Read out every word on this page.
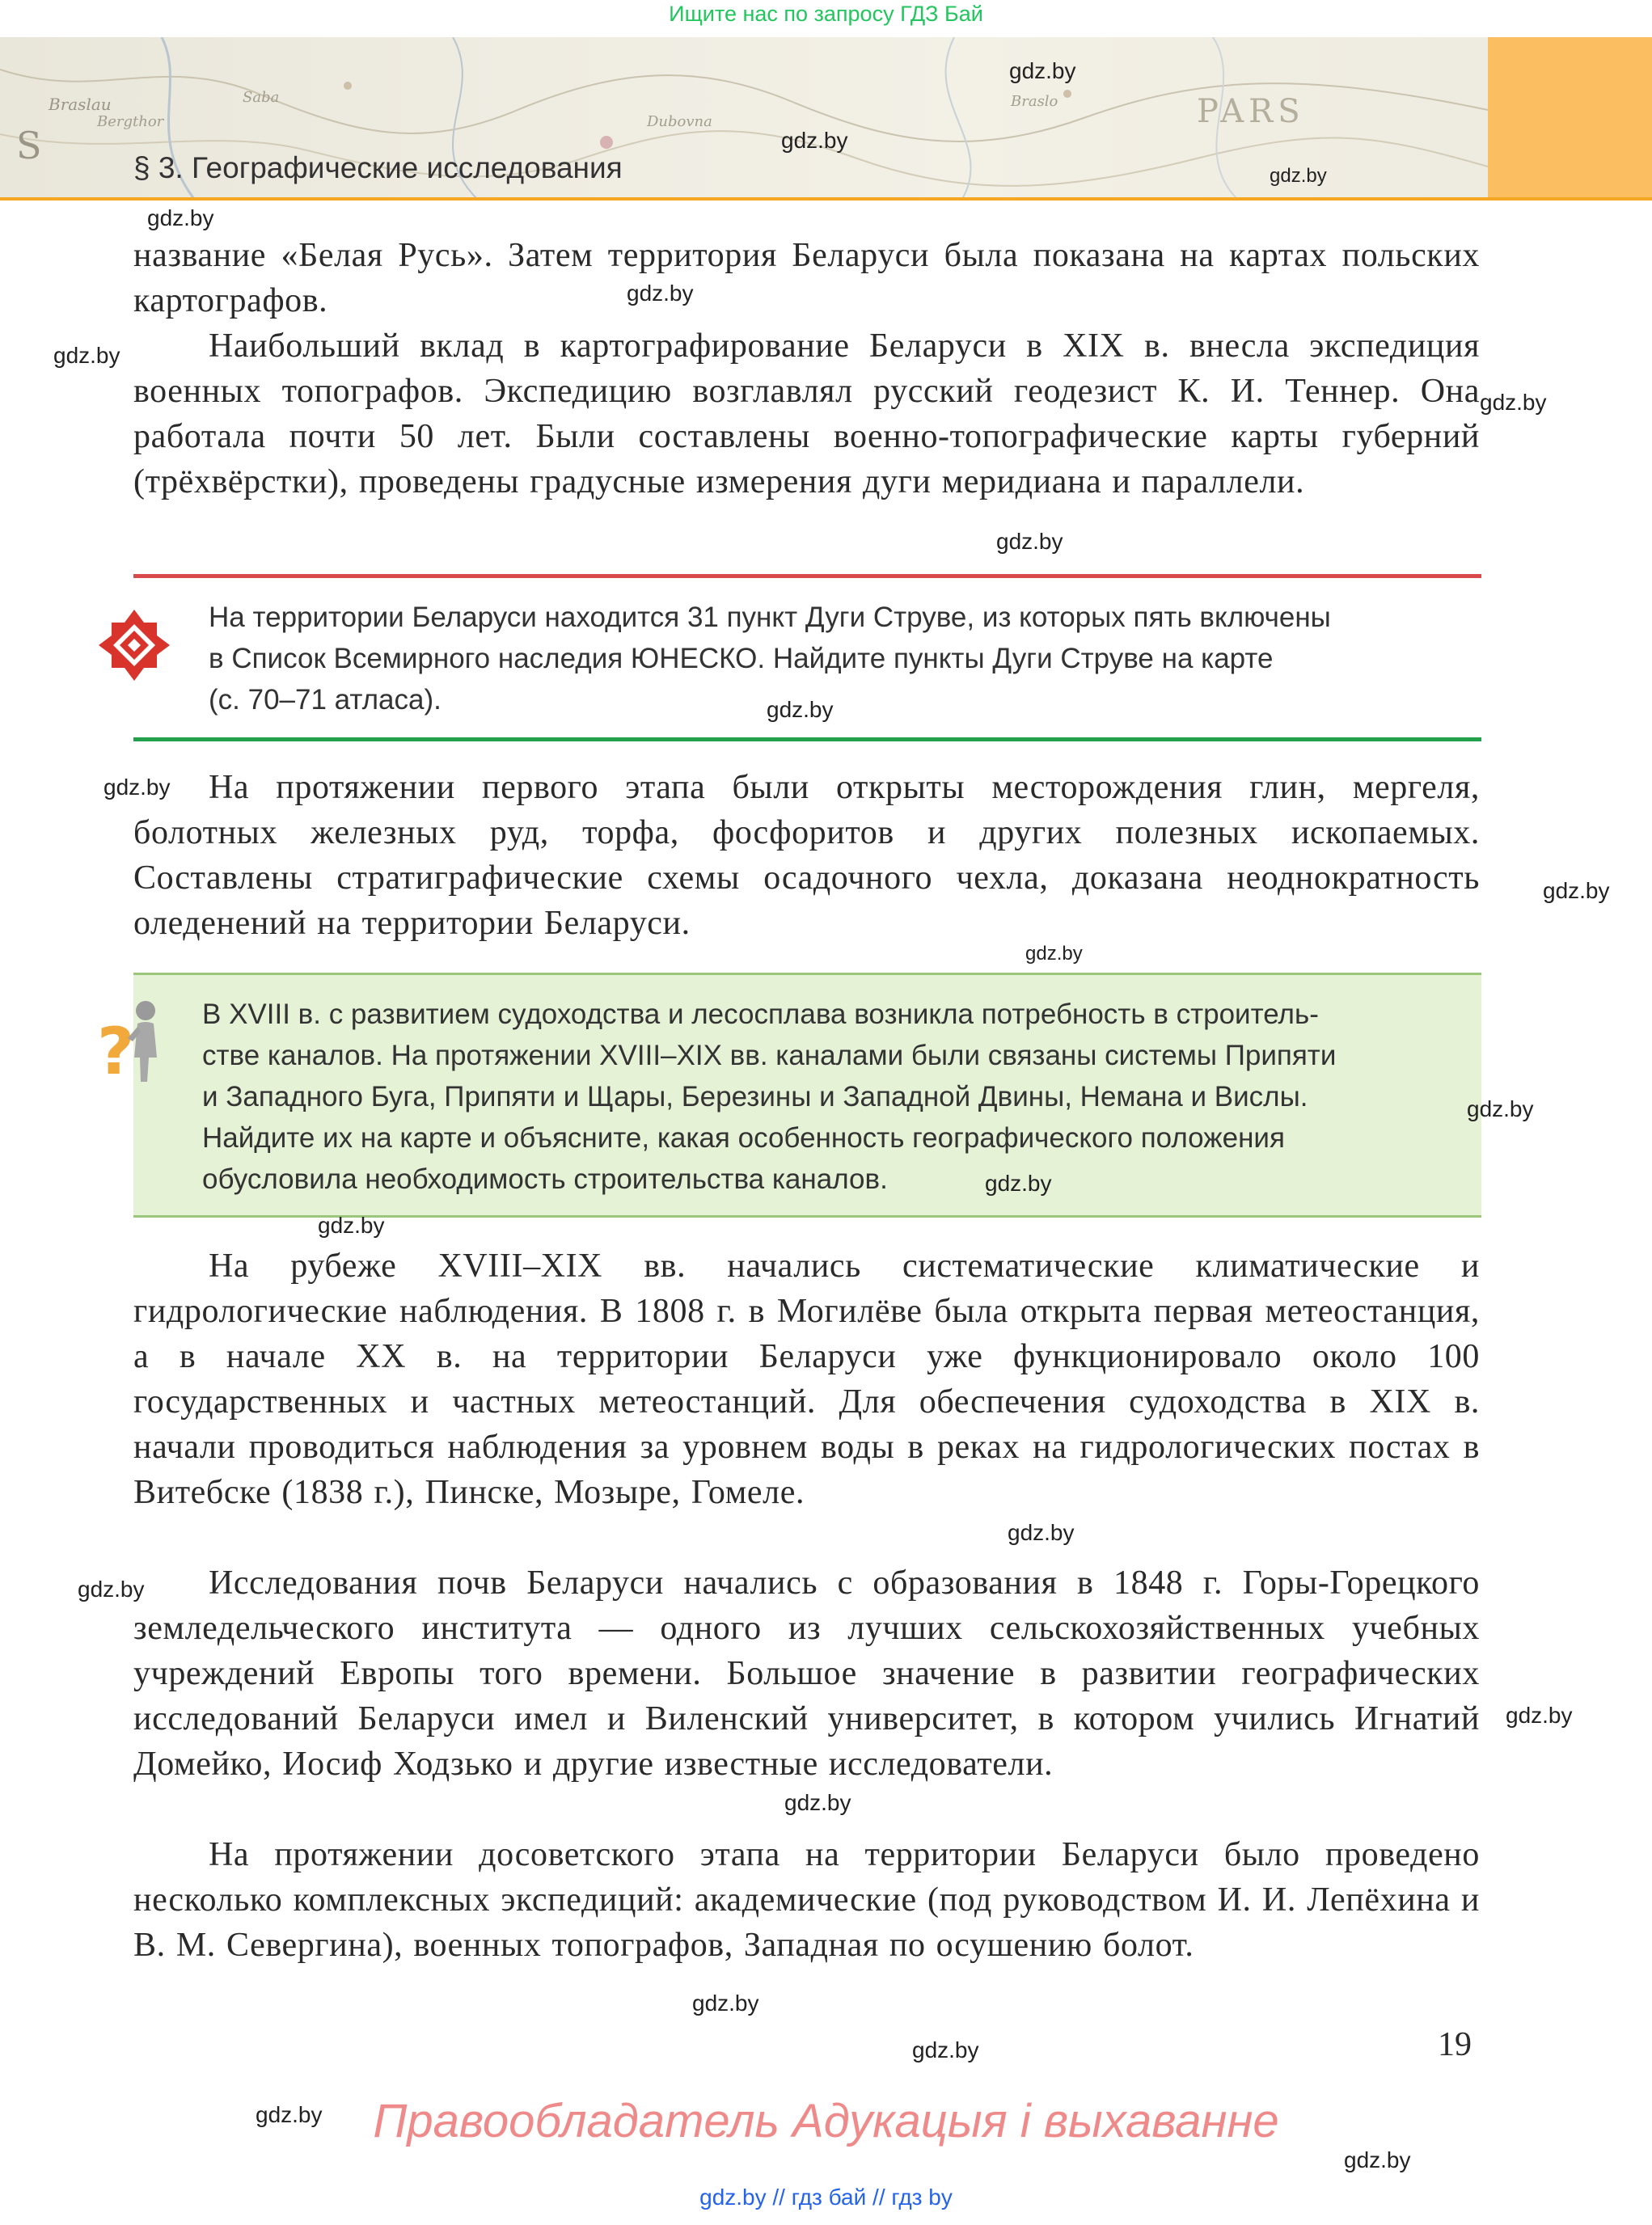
Ищите нас по запросу ГДЗ Бай
S
Braslau
Bergthor
Saba	PARS
Braslo
Dubovna
§ 3. Географические исследования
название «Белая Русь». Затем территория Беларуси была показана на картах польских картографов.
Наибольший вклад в картографирование Беларуси в XIX в. внесла экспедиция военных топографов. Экспедицию возглавлял русский геодезист К. И. Теннер. Она работала почти 50 лет. Были составлены военно-топографические карты губерний (трёхвёрстки), проведены градусные измерения дуги меридиана и параллели.
На территории Беларуси находится 31 пункт Дуги Струве, из которых пять включены
в Список Всемирного наследия ЮНЕСКО. Найдите пункты Дуги Струве на карте
(с. 70–71 атласа).
На протяжении первого этапа были открыты месторождения глин, мергеля, болотных железных руд, торфа, фосфоритов и других полезных ископаемых. Составлены стратиграфические схемы осадочного чехла, доказана неоднократность оледенений на территории Беларуси.
? В XVIII в. с развитием судоходства и лесосплава возникла потребность в строитель-
стве каналов. На протяжении XVIII–XIX вв. каналами были связаны системы Припяти
и Западного Буга, Припяти и Щары, Березины и Западной Двины, Немана и Вислы.
Найдите их на карте и объясните, какая особенность географического положения
обусловила необходимость строительства каналов.
На рубеже XVIII–XIX вв. начались систематические климатические и гидрологические наблюдения. В 1808 г. в Могилёве была открыта первая метеостанция, а в начале XX в. на территории Беларуси уже функционировало около 100 государственных и частных метеостанций. Для обеспечения судоходства в XIX в. начали проводиться наблюдения за уровнем воды в реках на гидрологических постах в Витебске (1838 г.), Пинске, Мозыре, Гомеле.
Исследования почв Беларуси начались с образования в 1848 г. Горы-Горецкого земледельческого института — одного из лучших сельскохозяйственных учебных учреждений Европы того времени. Большое значение в развитии географических исследований Беларуси имел и Виленский университет, в котором учились Игнатий Домейко, Иосиф Ходзько и другие известные исследователи.
На протяжении досоветского этапа на территории Беларуси было проведено несколько комплексных экспедиций: академические (под руководством И. И. Лепёхина и В. М. Севергина), военных топографов, Западная по осушению болот.
gdz.by
gdz.by
gdz.by
gdz.by
gdz.by
gdz.by
gdz.by
gdz.by
gdz.by
gdz.by
gdz.by
gdz.by
gdz.by
gdz.by
gdz.by
gdz.by
gdz.by
gdz.by
gdz.by
gdz.by
gdz.by
gdz.by
gdz.by
19
Правообладатель Адукацыя і выхаванне
gdz.by // гдз бай // гдз by
